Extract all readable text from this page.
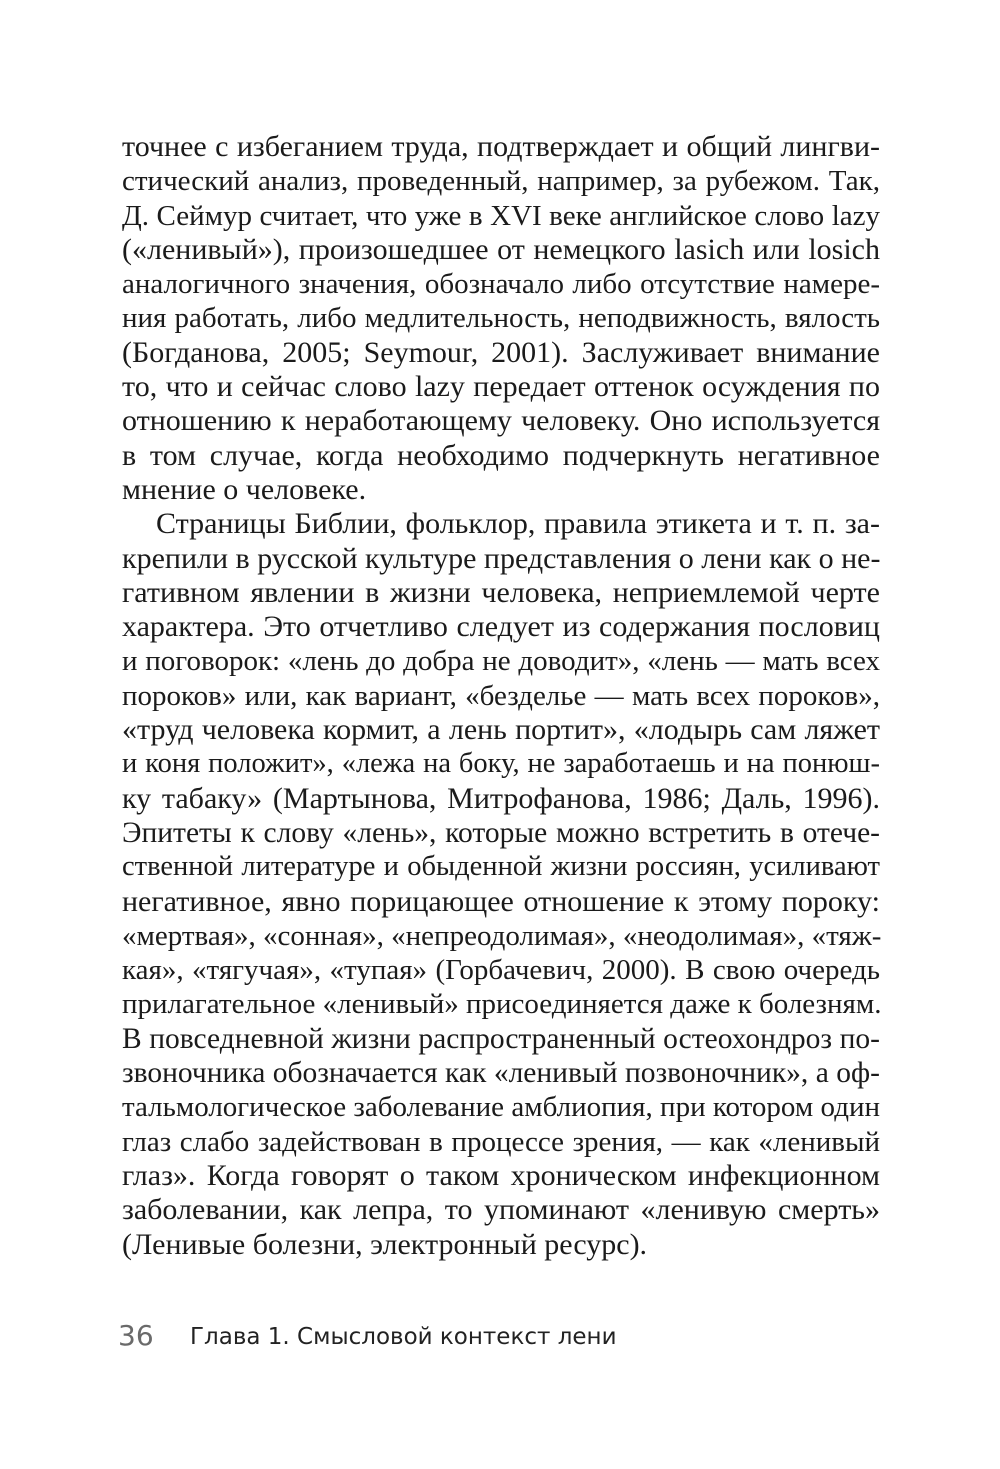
точнее с избеганием труда, подтверждает и общий лингви-
стический анализ, проведенный, например, за рубежом. Так,
Д. Сеймур считает, что уже в XVI веке английское слово lazy
(«ленивый»), произошедшее от немецкого lasich или losich
аналогичного значения, обозначало либо отсутствие намере-
ния работать, либо медлительность, неподвижность, вялость
(Богданова, 2005; Seymour, 2001). Заслуживает внимание
то, что и сейчас слово lazy передает оттенок осуждения по
отношению к неработающему человеку. Оно используется
в том случае, когда необходимо подчеркнуть негативное
мнение о человеке.
Страницы Библии, фольклор, правила этикета и т. п. за-
крепили в русской культуре представления о лени как о не-
гативном явлении в жизни человека, неприемлемой черте
характера. Это отчетливо следует из содержания пословиц
и поговорок: «лень до добра не доводит», «лень — мать всех
пороков» или, как вариант, «безделье — мать всех пороков»,
«труд человека кормит, а лень портит», «лодырь сам ляжет
и коня положит», «лежа на боку, не заработаешь и на понюш-
ку табаку» (Мартынова, Митрофанова, 1986; Даль, 1996).
Эпитеты к слову «лень», которые можно встретить в отече-
ственной литературе и обыденной жизни россиян, усиливают
негативное, явно порицающее отношение к этому пороку:
«мертвая», «сонная», «непреодолимая», «неодолимая», «тяж-
кая», «тягучая», «тупая» (Горбачевич, 2000). В свою очередь
прилагательное «ленивый» присоединяется даже к болезням.
В повседневной жизни распространенный остеохондроз по-
звоночника обозначается как «ленивый позвоночник», а оф-
тальмологическое заболевание амблиопия, при котором один
глаз слабо задействован в процессе зрения, — как «ленивый
глаз». Когда говорят о таком хроническом инфекционном
заболевании, как лепра, то упоминают «ленивую смерть»
(Ленивые болезни, электронный ресурс).
36 Глава 1. Смысловой контекст лени
